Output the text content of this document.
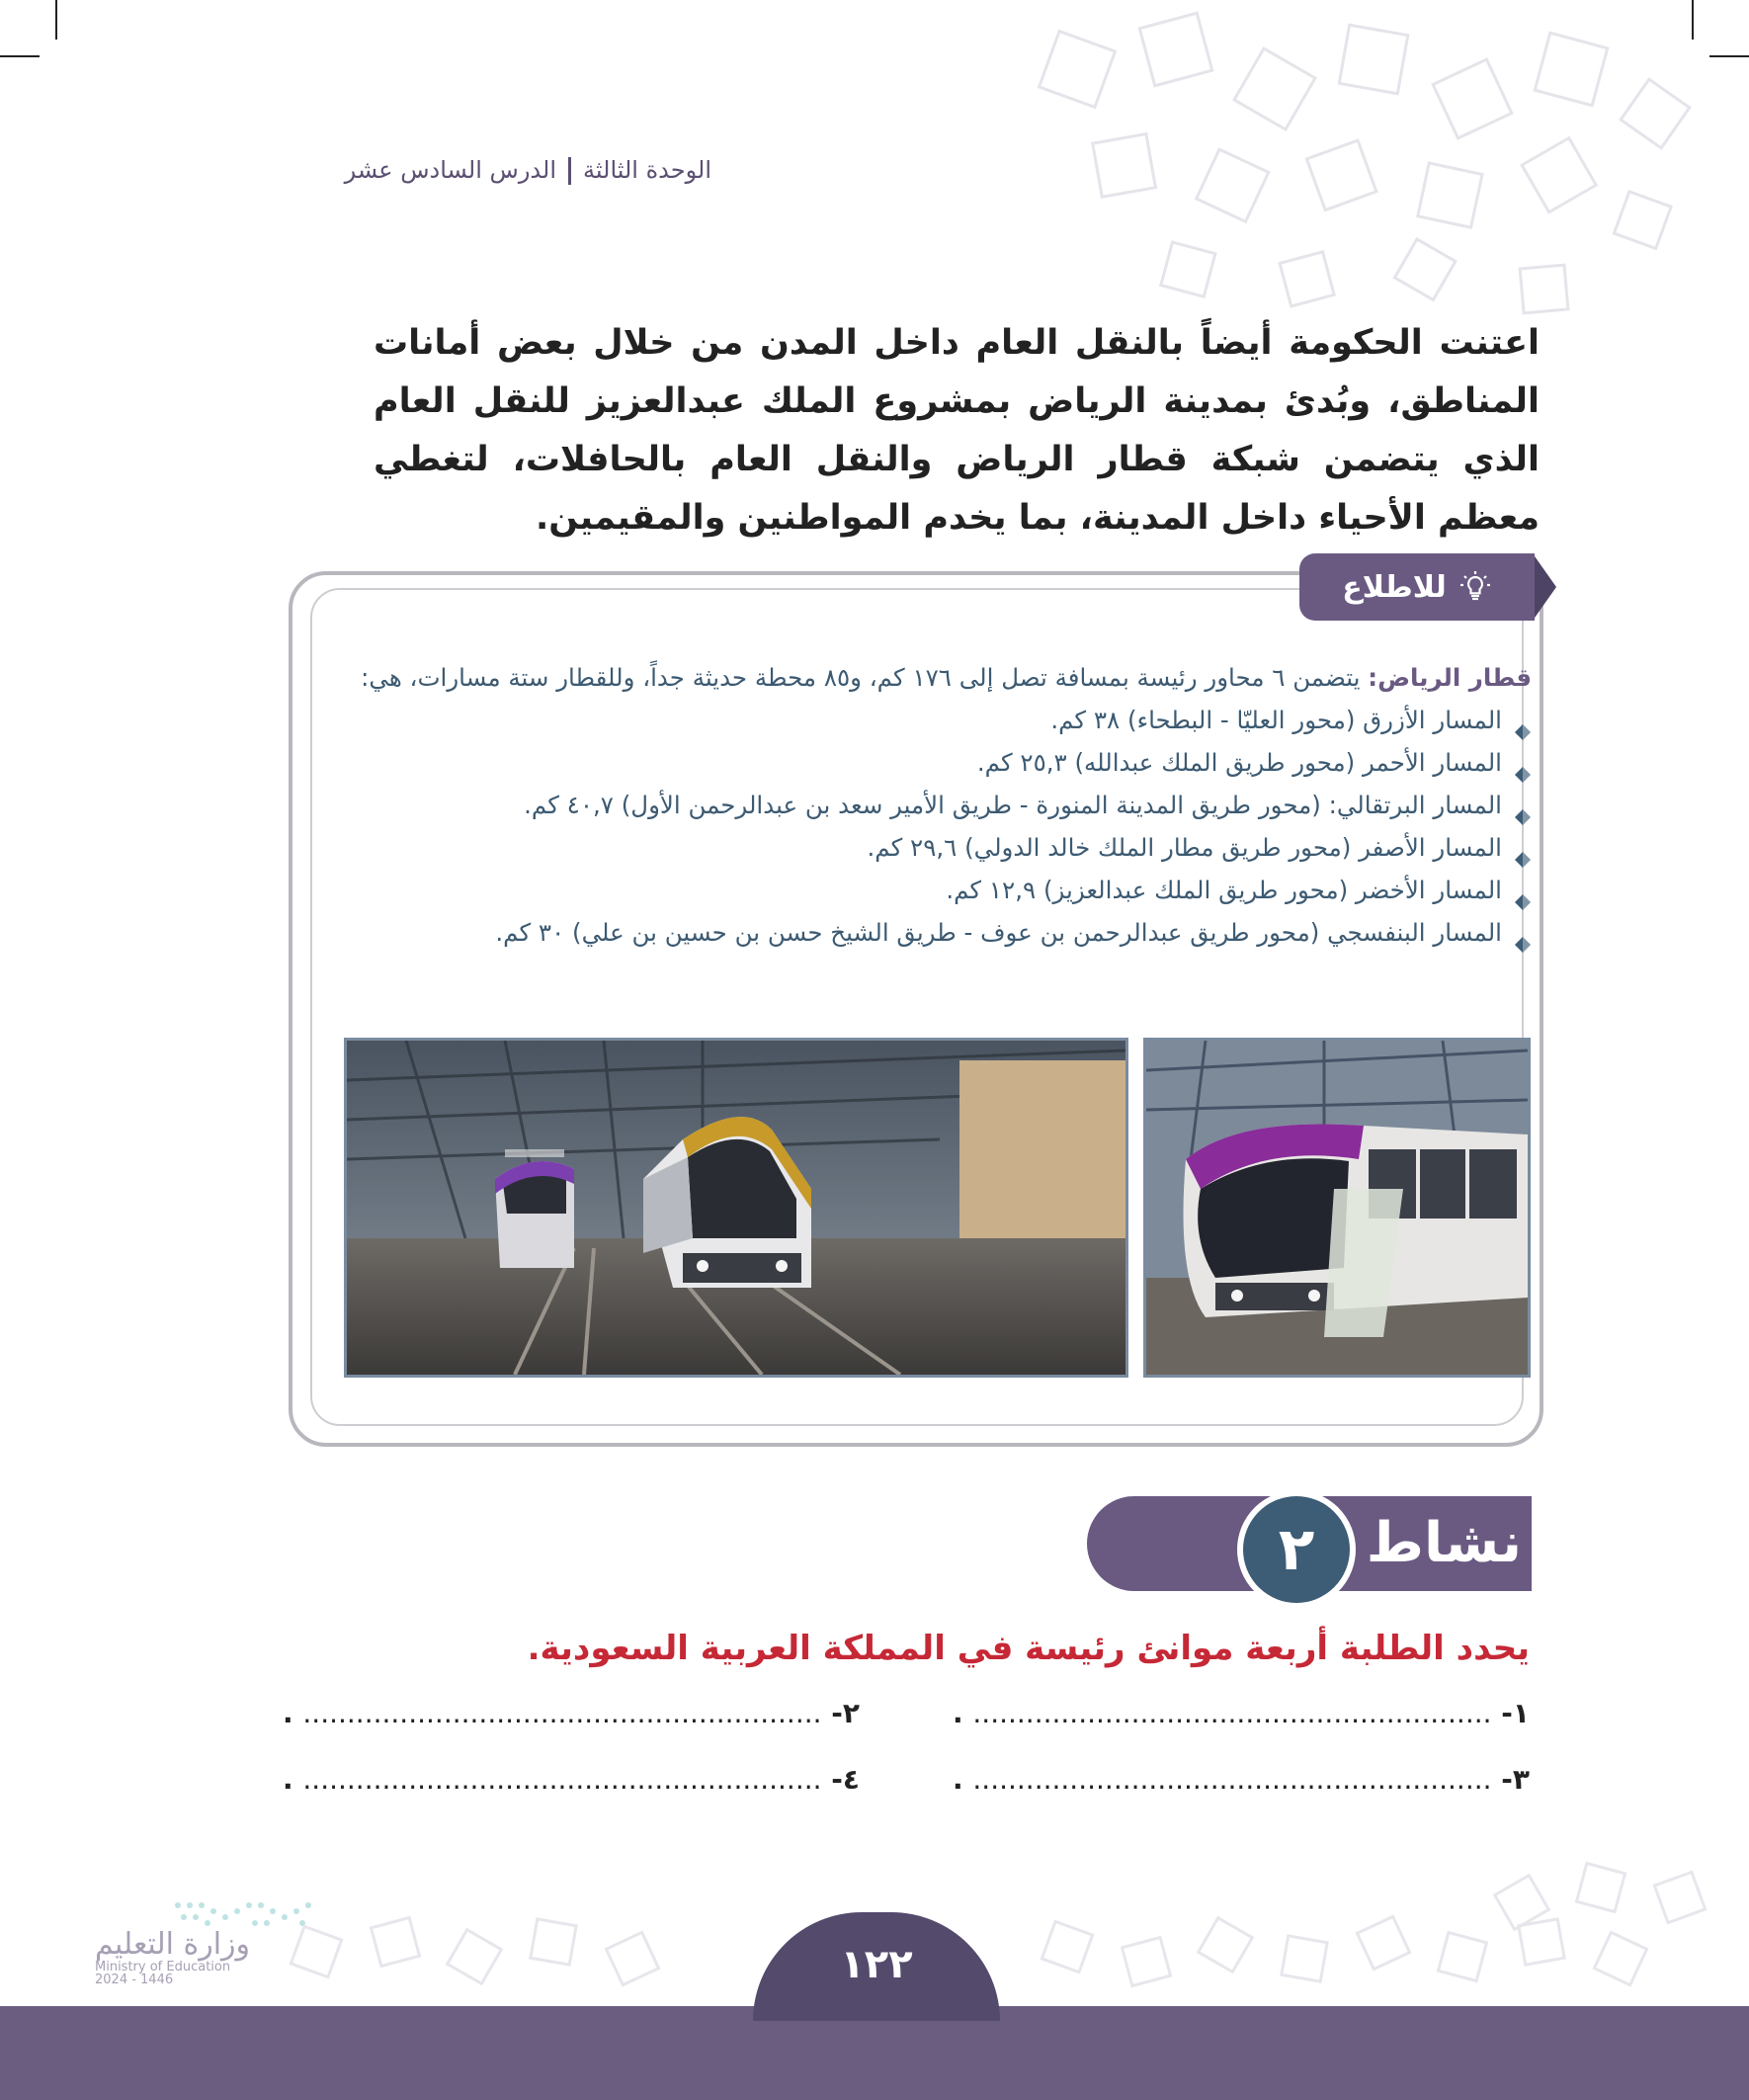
الوحدة الثالثةالدرس السادس عشر
اعتنت الحكومة أيضاً بالنقل العام داخل المدن من خلال بعض أمانات المناطق، وبُدئ بمدينة الرياض بمشروع الملك عبدالعزيز للنقل العام الذي يتضمن شبكة قطار الرياض والنقل العام بالحافلات، لتغطي معظم الأحياء داخل المدينة، بما يخدم المواطنين والمقيمين.
للاطلاع
قطار الرياض: يتضمن ٦ محاور رئيسة بمسافة تصل إلى ١٧٦ كم، و٨٥ محطة حديثة جداً، وللقطار ستة مسارات، هي:
المسار الأزرق (محور العليّا - البطحاء) ٣٨ كم.
المسار الأحمر (محور طريق الملك عبدالله) ٢٥,٣ كم.
المسار البرتقالي: (محور طريق المدينة المنورة - طريق الأمير سعد بن عبدالرحمن الأول) ٤٠,٧ كم.
المسار الأصفر (محور طريق مطار الملك خالد الدولي) ٢٩,٦ كم.
المسار الأخضر (محور طريق الملك عبدالعزيز) ١٢,٩ كم.
المسار البنفسجي (محور طريق عبدالرحمن بن عوف - طريق الشيخ حسن بن حسين بن علي) ٣٠ كم.
نشاط
٢
يحدد الطلبة أربعة موانئ رئيسة في المملكة العربية السعودية.
١- ........................................................... .
٢- ........................................................... .
٣- ........................................................... .
٤- ........................................................... .
١٢٢
وزارة التعليم
Ministry of Education
2024 - 1446
